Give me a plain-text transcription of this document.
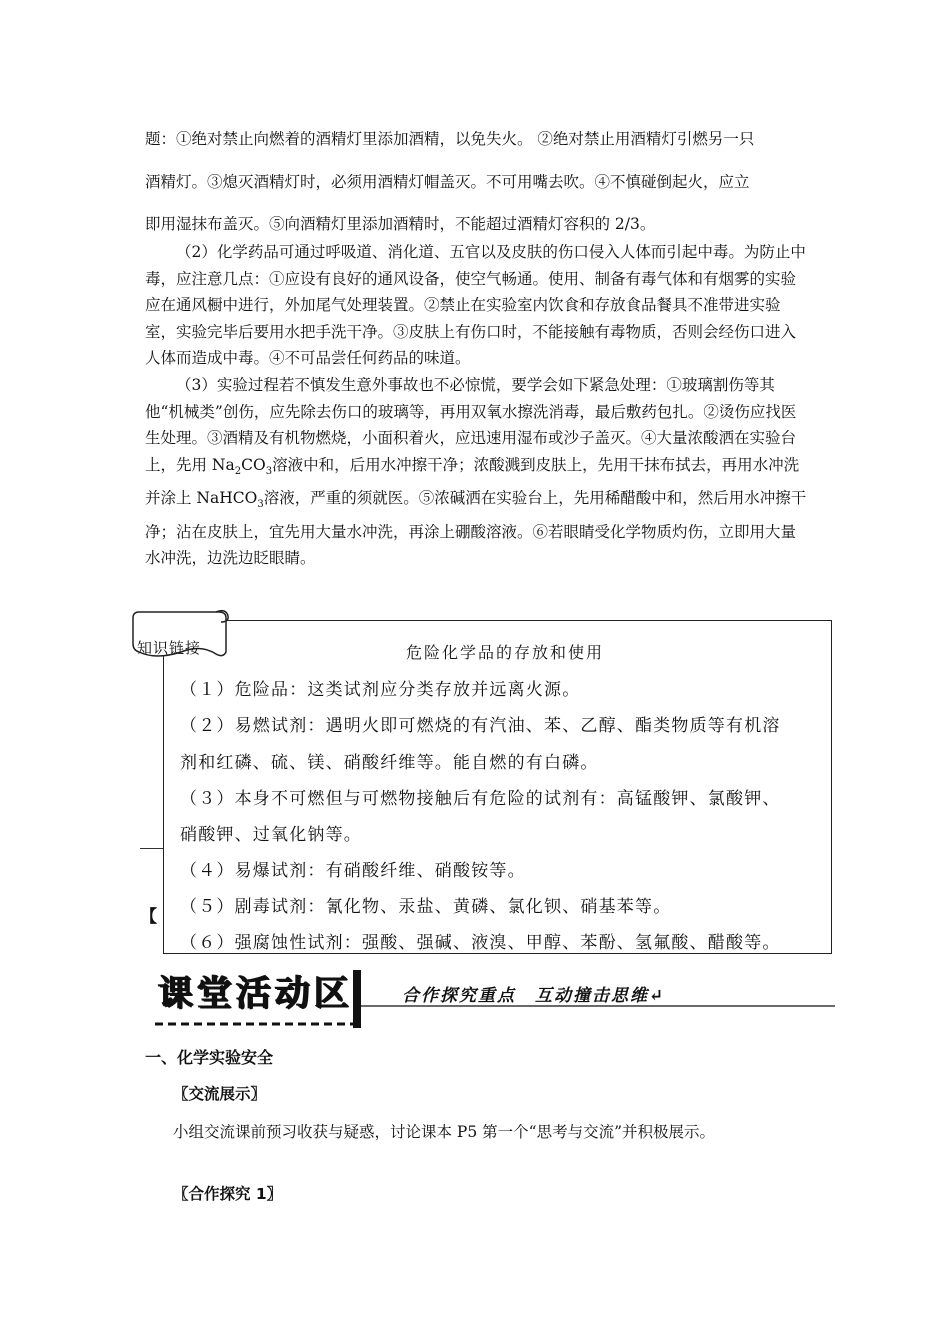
题：①绝对禁止向燃着的酒精灯里添加酒精，以免失火。 ②绝对禁止用酒精灯引燃另一只
酒精灯。③熄灭酒精灯时，必须用酒精灯帽盖灭。不可用嘴去吹。④不慎碰倒起火，应立
即用湿抹布盖灭。⑤向酒精灯里添加酒精时，不能超过酒精灯容积的 2/3。
（2）化学药品可通过呼吸道、消化道、五官以及皮肤的伤口侵入人体而引起中毒。为防止中毒，应注意几点：①应设有良好的通风设备，使空气畅通。使用、制备有毒气体和有烟雾的实验应在通风橱中进行，外加尾气处理装置。②禁止在实验室内饮食和存放食品餐具不准带进实验室，实验完毕后要用水把手洗干净。③皮肤上有伤口时，不能接触有毒物质，否则会经伤口进入人体而造成中毒。④不可品尝任何药品的味道。
（3）实验过程若不慎发生意外事故也不必惊慌，要学会如下紧急处理：①玻璃割伤等其他“机械类”创伤，应先除去伤口的玻璃等，再用双氧水擦洗消毒，最后敷药包扎。②烫伤应找医生处理。③酒精及有机物燃烧，小面积着火，应迅速用湿布或沙子盖灭。④大量浓酸洒在实验台上，先用 $Na_2CO_3$溶液中和，后用水冲擦干净；浓酸溅到皮肤上，先用干抹布拭去，再用水冲洗并涂上 NaHCO$_3$溶液，严重的须就医。⑤浓碱洒在实验台上，先用稀醋酸中和，然后用水冲擦干净；沾在皮肤上，宜先用大量水冲洗，再涂上硼酸溶液。⑥若眼睛受化学物质灼伤，立即用大量水冲洗，边洗边眨眼睛。
【
知识链接	危险化学品的存放和使用
（１）危险品：这类试剂应分类存放并远离火源。
（２）易燃试剂：遇明火即可燃烧的有汽油、苯、乙醇、酯类物质等有机溶
剂和红磷、硫、镁、硝酸纤维等。能自燃的有白磷。
（３）本身不可燃但与可燃物接触后有危险的试剂有：高锰酸钾、氯酸钾、
硝酸钾、过氧化钠等。
（４）易爆试剂：有硝酸纤维、硝酸铵等。
（５）剧毒试剂：氰化物、汞盐、黄磷、氯化钡、硝基苯等。
（６）强腐蚀性试剂：强酸、强碱、液溴、甲醇、苯酚、氢氟酸、醋酸等。
课堂活动区	合作探究重点　互动撞击思维↵
一、化学实验安全
〖交流展示〗
小组交流课前预习收获与疑惑，讨论课本 P5 第一个“思考与交流”并积极展示。
〖合作探究 1〗
